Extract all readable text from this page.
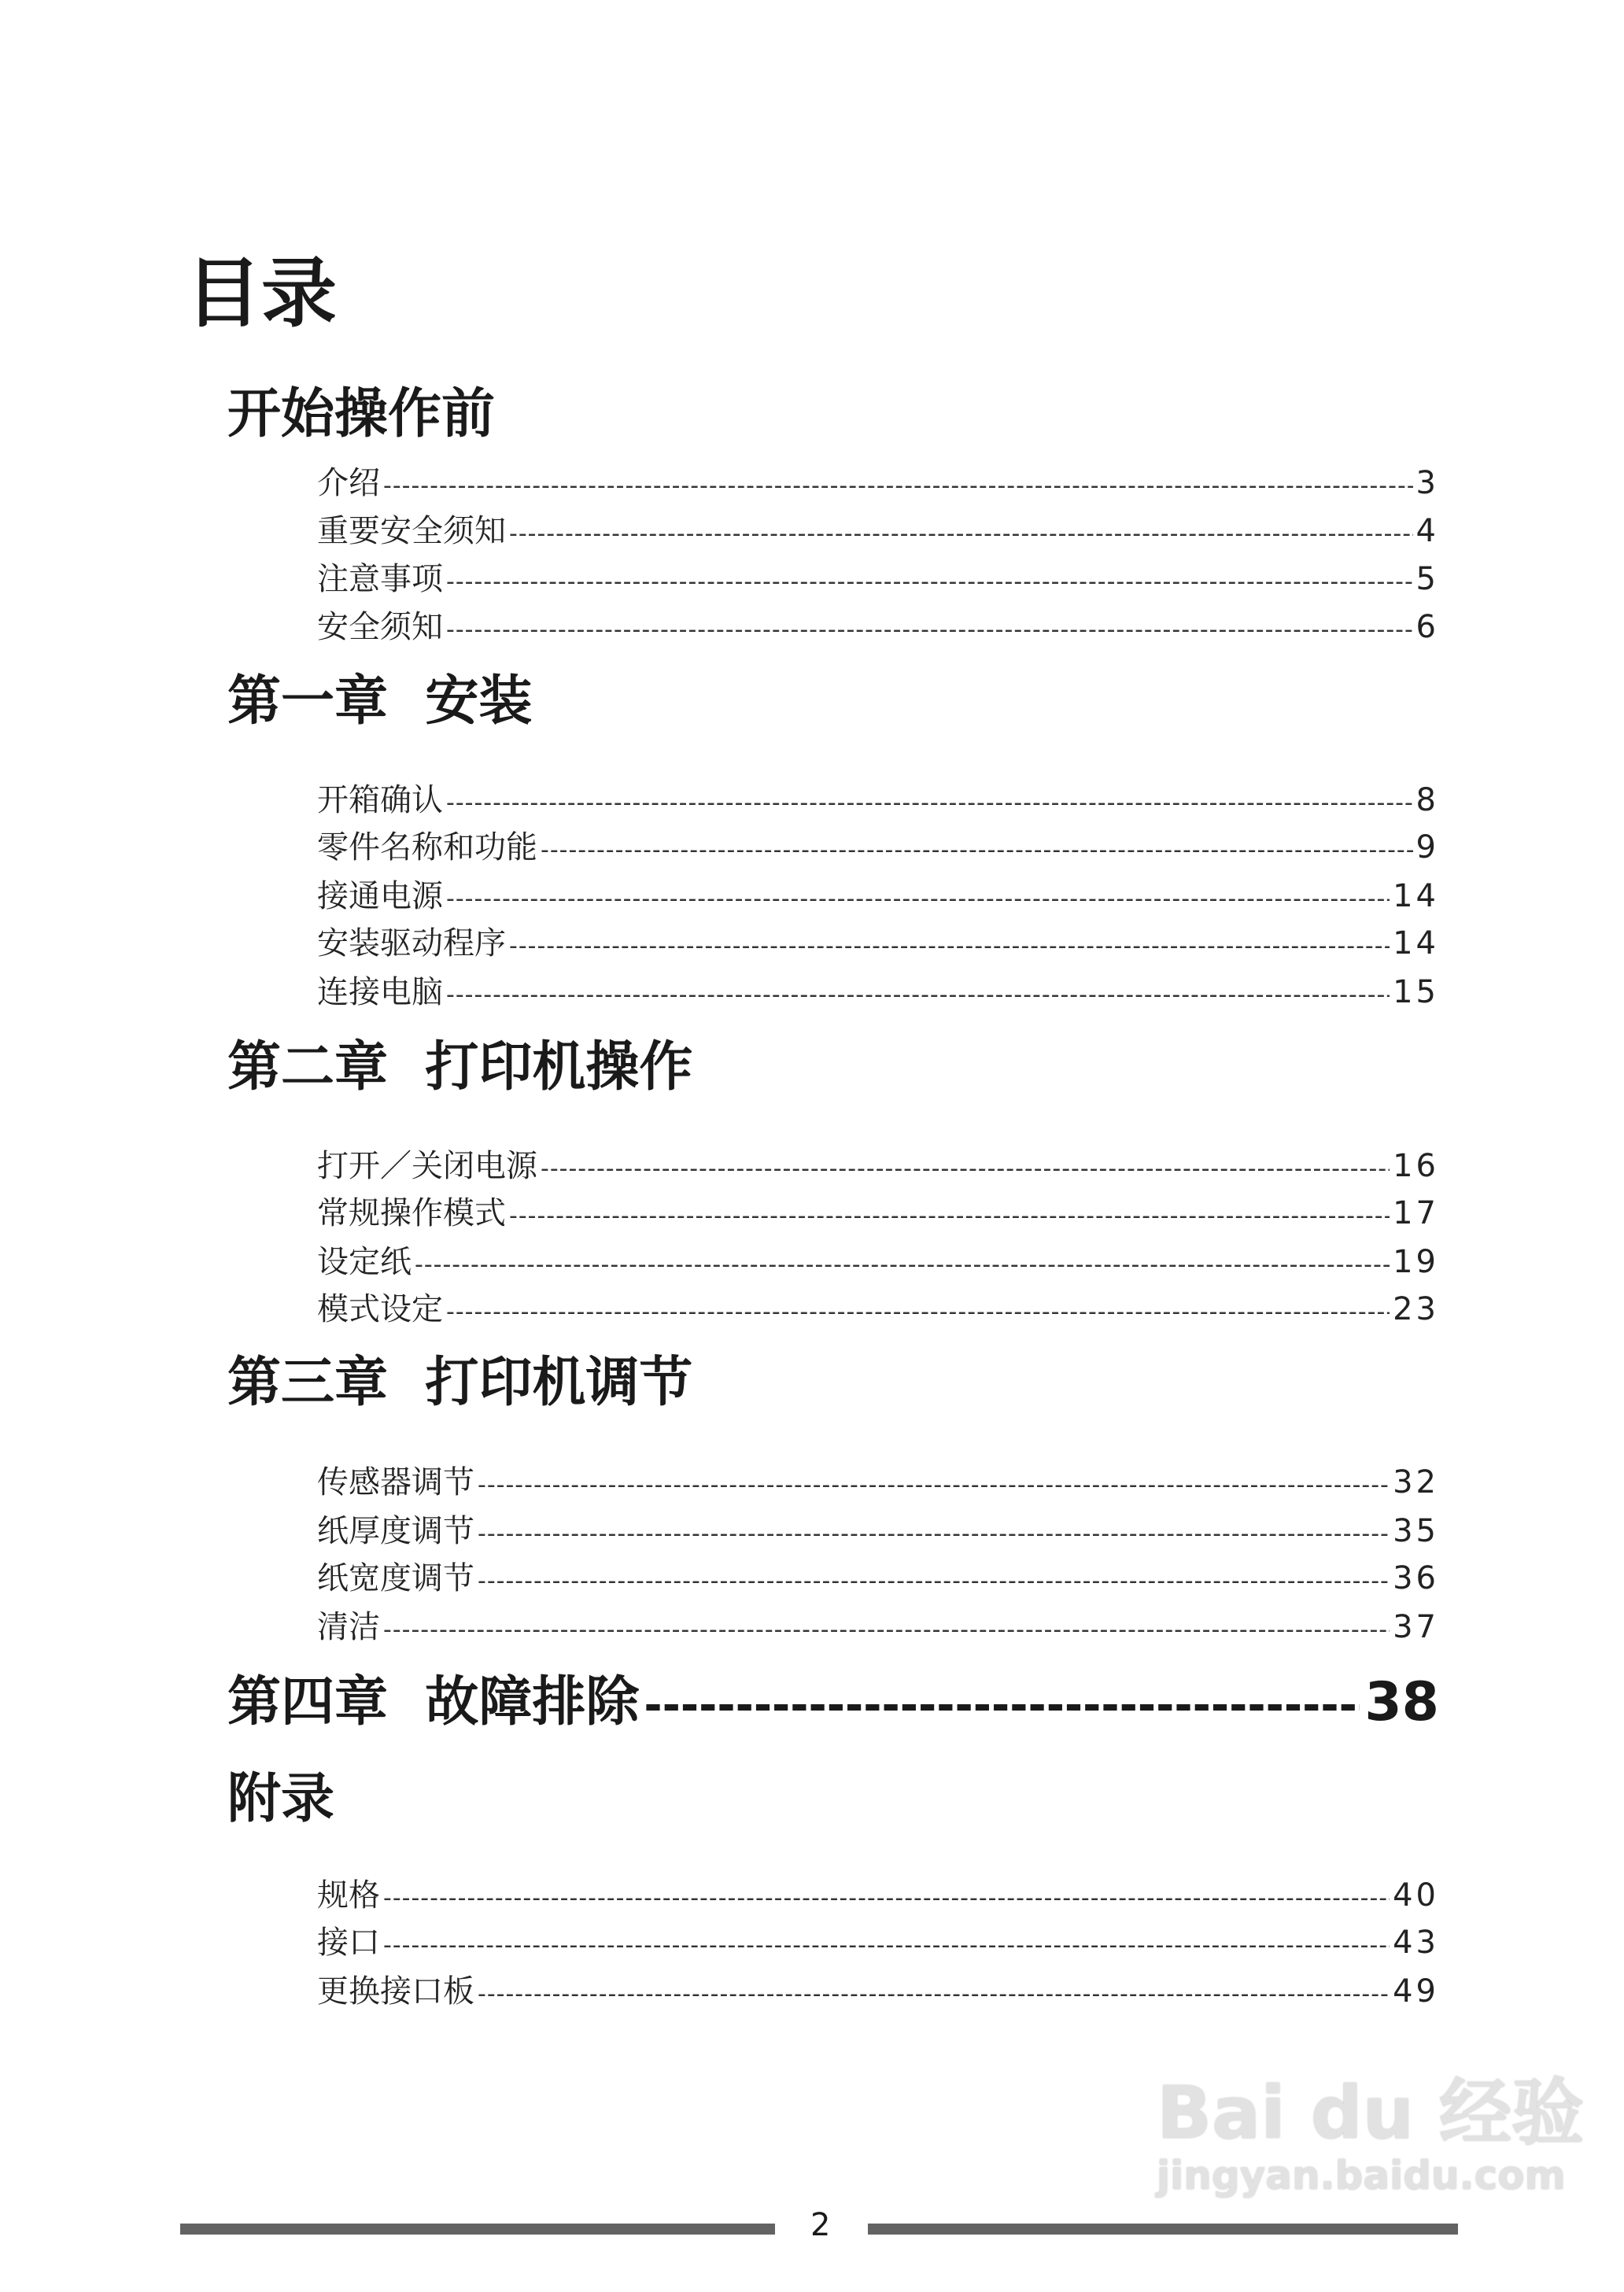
目录
开始操作前
介绍 -----	3
重要安全须知 -----	4
注意事项 -----	5
安全须知 -----	6
第一章  安装
开箱确认 -----	8
零件名称和功能 -----	9
接通电源 -----	14
安装驱动程序 -----	14
连接电脑 -----	15
第二章  打印机操作
打开／关闭电源 -----	16
常规操作模式 -----	17
设定纸 -----	19
模式设定 -----	23
第三章  打印机调节
传感器调节 -----	32
纸厚度调节 -----	35
纸宽度调节 -----	36
清洁 -----	37
第四章  故障排除 -----	38
附录
规格 -----	40
接口 -----	43
更换接口板 -----	49
2
Bai du 经验
jingyan.baidu.com
